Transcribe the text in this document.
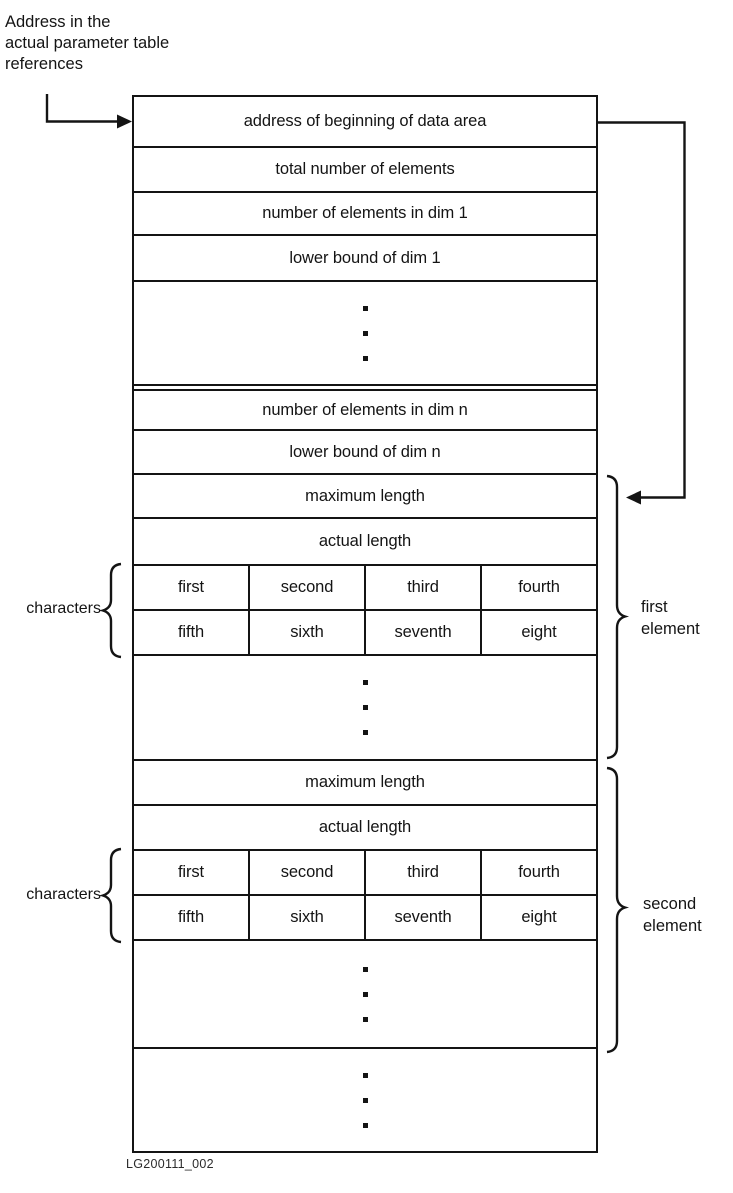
Address in the
actual parameter table
references
address of beginning of data area
total number of elements
number of elements in dim 1
lower bound of dim 1
number of elements in dim n
lower bound of dim n
maximum length
actual length
first	second	third	fourth
fifth	sixth	seventh	eight
maximum length
actual length
first	second	third	fourth
fifth	sixth	seventh	eight
characters
characters
first
element
second
element
LG200111_002
